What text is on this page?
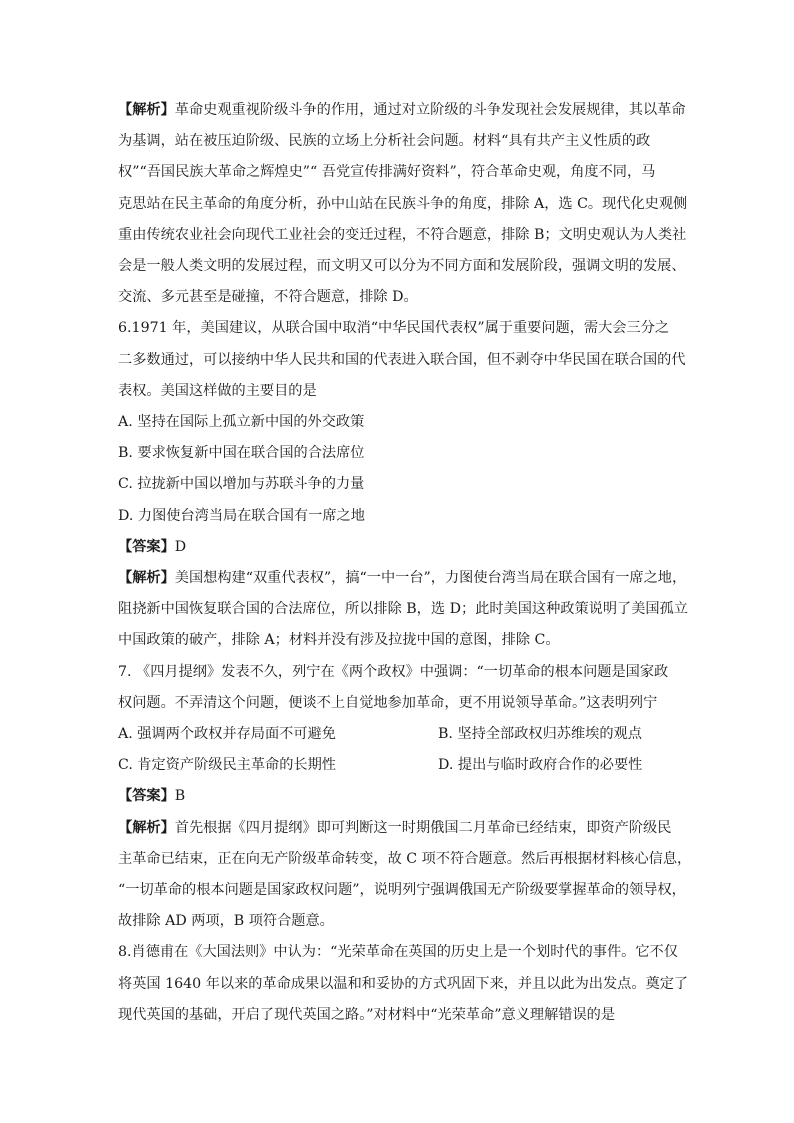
【解析】革命史观重视阶级斗争的作用，通过对立阶级的斗争发现社会发展规律，其以革命
为基调，站在被压迫阶级、民族的立场上分析社会问题。材料“具有共产主义性质的政
权”“吾国民族大革命之辉煌史”“ 吾党宣传排满好资料”，符合革命史观，角度不同，马
克思站在民主革命的角度分析，孙中山站在民族斗争的角度，排除 A，选 C。现代化史观侧
重由传统农业社会向现代工业社会的变迁过程，不符合题意，排除 B；文明史观认为人类社
会是一般人类文明的发展过程，而文明又可以分为不同方面和发展阶段，强调文明的发展、
交流、多元甚至是碰撞，不符合题意，排除 D。
6.1971 年，美国建议，从联合国中取消“中华民国代表权”属于重要问题，需大会三分之
二多数通过，可以接纳中华人民共和国的代表进入联合国，但不剥夺中华民国在联合国的代
表权。美国这样做的主要目的是
A. 坚持在国际上孤立新中国的外交政策
B. 要求恢复新中国在联合国的合法席位
C. 拉拢新中国以增加与苏联斗争的力量
D. 力图使台湾当局在联合国有一席之地
【答案】D
【解析】美国想构建“双重代表权”，搞“一中一台”，力图使台湾当局在联合国有一席之地，
阻挠新中国恢复联合国的合法席位，所以排除 B，选 D；此时美国这种政策说明了美国孤立
中国政策的破产，排除 A；材料并没有涉及拉拢中国的意图，排除 C。
7. 《四月提纲》发表不久，列宁在《两个政权》中强调：“一切革命的根本问题是国家政
权问题。不弄清这个问题，便谈不上自觉地参加革命，更不用说领导革命。”这表明列宁
A. 强调两个政权并存局面不可避免	B. 坚持全部政权归苏维埃的观点
C. 肯定资产阶级民主革命的长期性	D. 提出与临时政府合作的必要性
【答案】B
【解析】首先根据《四月提纲》即可判断这一时期俄国二月革命已经结束，即资产阶级民
主革命已结束，正在向无产阶级革命转变，故 C 项不符合题意。然后再根据材料核心信息，
“一切革命的根本问题是国家政权问题”，说明列宁强调俄国无产阶级要掌握革命的领导权，
故排除 AD 两项，B 项符合题意。
8.肖德甫在《大国法则》中认为：“光荣革命在英国的历史上是一个划时代的事件。它不仅
将英国 1640 年以来的革命成果以温和和妥协的方式巩固下来，并且以此为出发点。奠定了
现代英国的基础，开启了现代英国之路。”对材料中“光荣革命”意义理解错误的是
